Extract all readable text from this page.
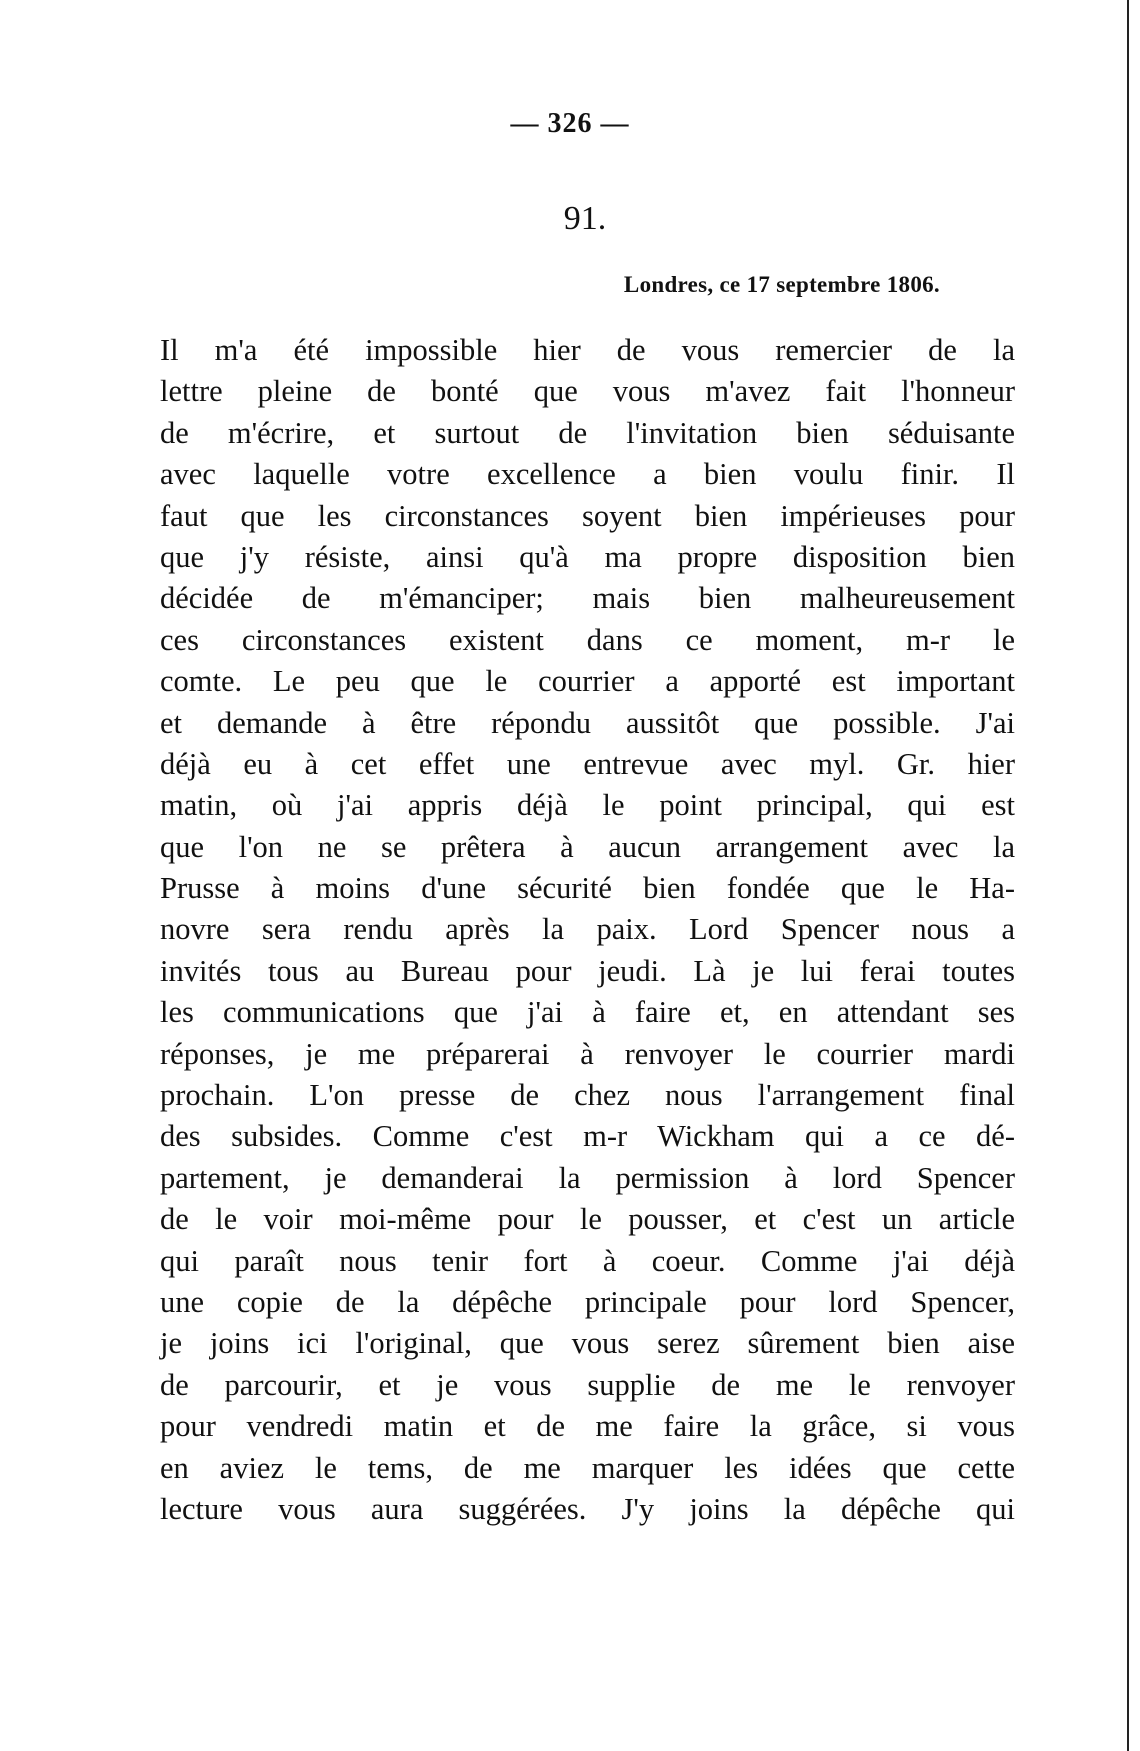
— 326 —
91.
Londres, ce 17 septembre 1806.
Il m'a été impossible hier de vous remercier de la
lettre pleine de bonté que vous m'avez fait l'honneur
de m'écrire, et surtout de l'invitation bien séduisante
avec laquelle votre excellence a bien voulu finir. Il
faut que les circonstances soyent bien impérieuses pour
que j'y résiste, ainsi qu'à ma propre disposition bien
décidée de m'émanciper; mais bien malheureusement
ces circonstances existent dans ce moment, m-r le
comte. Le peu que le courrier a apporté est important
et demande à être répondu aussitôt que possible. J'ai
déjà eu à cet effet une entrevue avec myl. Gr. hier
matin, où j'ai appris déjà le point principal, qui est
que l'on ne se prêtera à aucun arrangement avec la
Prusse à moins d'une sécurité bien fondée que le Ha-
novre sera rendu après la paix. Lord Spencer nous a
invités tous au Bureau pour jeudi. Là je lui ferai toutes
les communications que j'ai à faire et, en attendant ses
réponses, je me préparerai à renvoyer le courrier mardi
prochain. L'on presse de chez nous l'arrangement final
des subsides. Comme c'est m-r Wickham qui a ce dé-
partement, je demanderai la permission à lord Spencer
de le voir moi-même pour le pousser, et c'est un article
qui paraît nous tenir fort à coeur. Comme j'ai déjà
une copie de la dépêche principale pour lord Spencer,
je joins ici l'original, que vous serez sûrement bien aise
de parcourir, et je vous supplie de me le renvoyer
pour vendredi matin et de me faire la grâce, si vous
en aviez le tems, de me marquer les idées que cette
lecture vous aura suggérées. J'y joins la dépêche qui
